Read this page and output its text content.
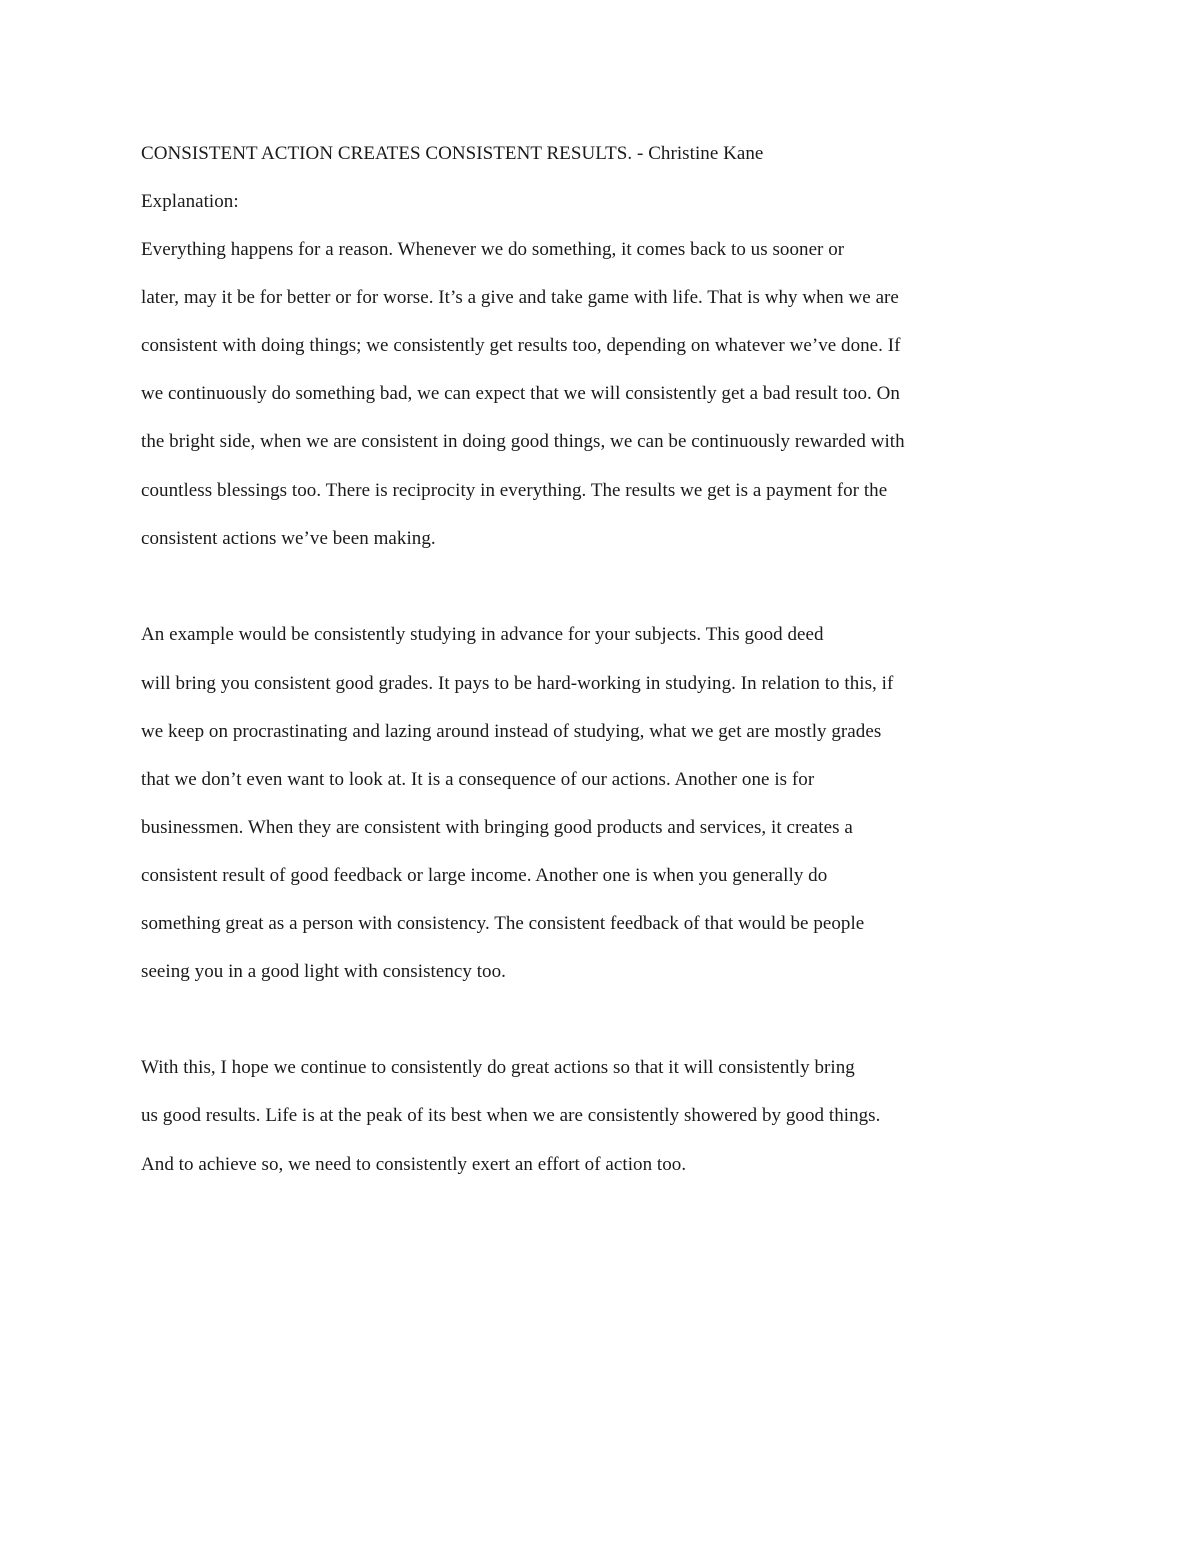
CONSISTENT ACTION CREATES CONSISTENT RESULTS. - Christine Kane
Explanation:
Everything happens for a reason. Whenever we do something, it comes back to us sooner or
later, may it be for better or for worse. It’s a give and take game with life. That is why when we are
consistent with doing things; we consistently get results too, depending on whatever we’ve done. If
we continuously do something bad, we can expect that we will consistently get a bad result too. On
the bright side, when we are consistent in doing good things, we can be continuously rewarded with
countless blessings too. There is reciprocity in everything. The results we get is a payment for the
consistent actions we’ve been making.
An example would be consistently studying in advance for your subjects. This good deed
will bring you consistent good grades. It pays to be hard-working in studying. In relation to this, if
we keep on procrastinating and lazing around instead of studying, what we get are mostly grades
that we don’t even want to look at. It is a consequence of our actions. Another one is for
businessmen. When they are consistent with bringing good products and services, it creates a
consistent result of good feedback or large income. Another one is when you generally do
something great as a person with consistency. The consistent feedback of that would be people
seeing you in a good light with consistency too.
With this, I hope we continue to consistently do great actions so that it will consistently bring
us good results. Life is at the peak of its best when we are consistently showered by good things.
And to achieve so, we need to consistently exert an effort of action too.
